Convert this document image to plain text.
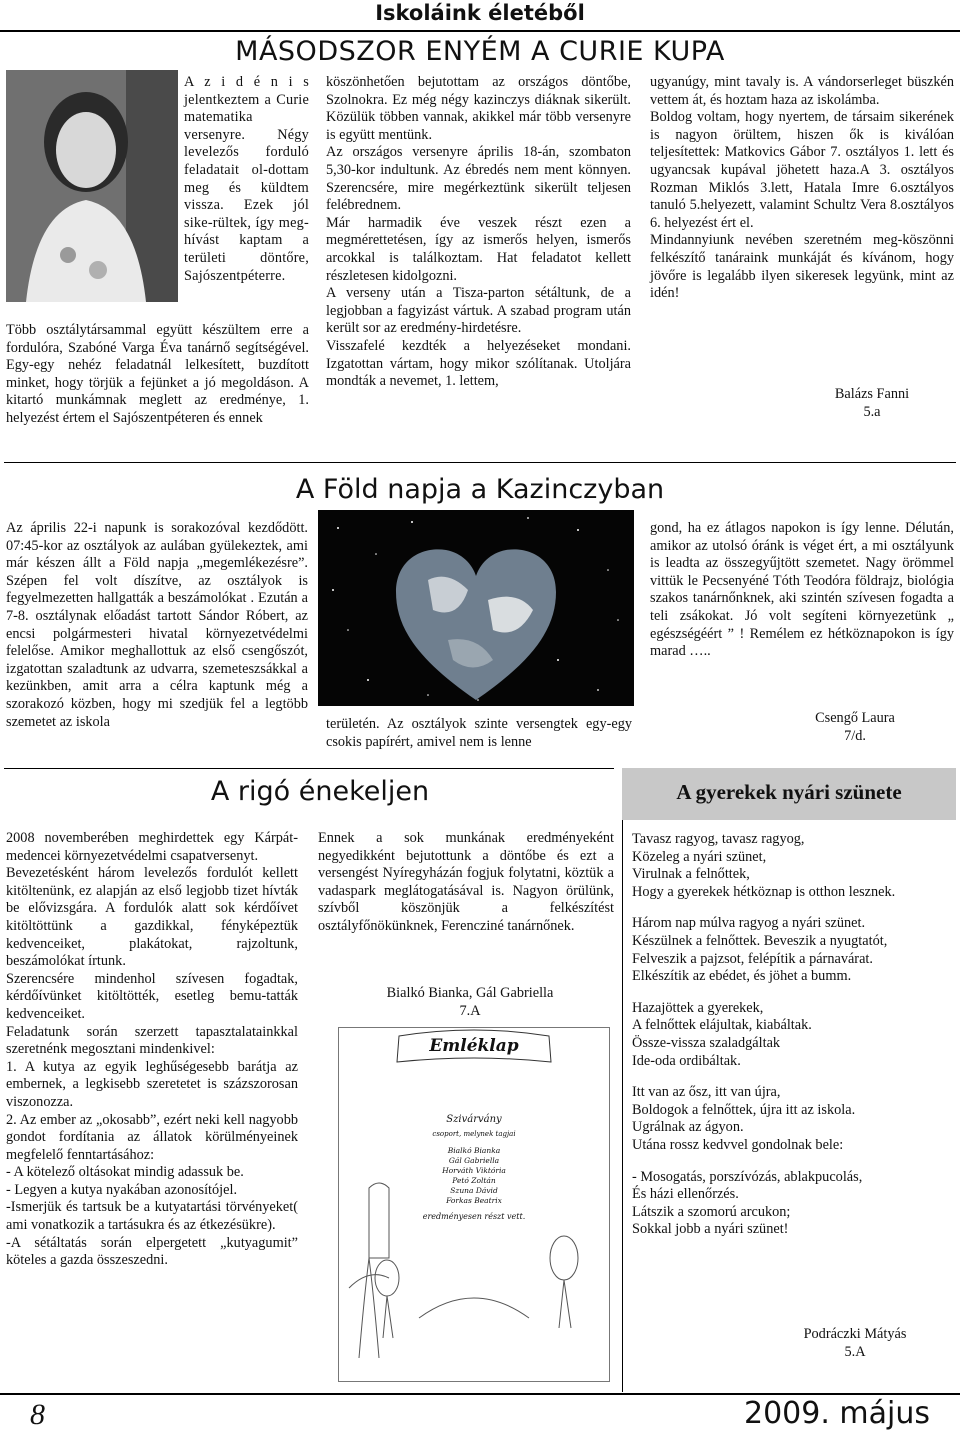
Iskoláink életéből
MÁSODSZOR ENYÉM A CURIE KUPA
A z i d é n i s jelentkeztem a Curie matematika versenyre. Négy levelezős forduló feladatait ol-dottam meg és küldtem vissza. Ezek jól sike-rültek, így meg-hívást kaptam a területi döntőre, Sajószentpéterre.
Több osztálytársammal együtt készültem erre a fordulóra, Szabóné Varga Éva tanárnő segítségével. Egy-egy nehéz feladatnál lelkesített, buzdított minket, hogy törjük a fejünket a jó megoldáson. A kitartó munkámnak meglett az eredménye, 1. helyezést értem el Sajószentpéteren és ennek

köszönhetően bejutottam az országos döntőbe, Szolnokra. Ez még négy kazinczys diáknak sikerült. Közülük többen vannak, akikkel már több versenyre is együtt mentünk.

Az országos versenyre április 18-án, szombaton 5,30-kor indultunk. Az ébredés nem ment könnyen. Szerencsére, mire megérkeztünk sikerült teljesen felébrednem.

Már harmadik éve veszek részt ezen a megmérettetésen, így az ismerős helyen, ismerős arcokkal is találkoztam. Hat feladatot kellett részletesen kidolgozni.

A verseny után a Tisza-parton sétáltunk, de a legjobban a fagyizást vártuk. A szabad program után került sor az eredmény-hirdetésre.

Visszafelé kezdték a helyezéseket mondani. Izgatottan vártam, hogy mikor szólítanak. Utoljára mondták a nevemet, 1. lettem,

ugyanúgy, mint tavaly is. A vándorserleget büszkén vettem át, és hoztam haza az iskolámba.

Boldog voltam, hogy nyertem, de társaim sikerének is nagyon örültem, hiszen ők is kiválóan teljesítettek: Matkovics Gábor 7. osztályos 1. lett és ugyancsak kupával jöhetett haza.A 3. osztályos Rozman Miklós 3.lett, Hatala Imre 6.osztályos tanuló 5.helyezett, valamint Schultz Vera 8.osztályos 6. helyezést ért el.

Mindannyiunk nevében szeretném meg-köszönni felkészítő tanáraink munkáját és kívánom, hogy jövőre is legalább ilyen sikeresek legyünk, mint az idén!

Balázs Fanni

5.a

A Föld napja a Kazinczyban
Az április 22-i napunk is sorakozóval kezdődött. 07:45-kor az osztályok az aulában gyülekeztek, ami már készen állt a Föld napja „megemlékezésre”. Szépen fel volt díszítve, az osztályok is fegyelmezetten hallgatták a beszámolókat . Ezután a 7-8. osztálynak előadást tartott Sándor Róbert, az encsi polgármesteri hivatal környezetvédelmi felelőse. Amikor meghallottuk az első csengőszót, izgatottan szaladtunk az udvarra, szemeteszsákkal a kezünkben, amit arra a célra kaptunk még a szorakozó közben, hogy mi szedjük fel a legtöbb szemetet az iskola	területén. Az osztályok szinte versengtek egy-egy csokis papírért, amivel nem is lenne
gond, ha ez átlagos napokon is így lenne. Délután, amikor az utolsó óránk is véget ért, a mi osztályunk is leadta az összegyűjtött szemetet. Nagy örömmel vittük le Pecsenyéné Tóth Teodóra földrajz, biológia szakos tanárnőnknek, aki szintén szívesen fogadta a teli zsákokat. Jó volt segíteni környezetünk „ egészségéért ” ! Remélem ez hétköznapokon is így marad …..

Csengő Laura

7/d.

A rigó énekeljen

2008 novemberében meghirdettek egy Kárpát-medencei környezetvédelmi csapatversenyt.

Bevezetésként három levelezős fordulót kellett kitöltenünk, ez alapján az első legjobb tizet hívták be elővizsgára. A fordulók alatt sok kérdőívet kitöltöttünk a gazdikkal, fényképeztük kedvenceiket, plakátokat, rajzoltunk, beszámolókat írtunk.

Szerencsére mindenhol szívesen fogadtak, kérdőívünket kitöltötték, esetleg bemu-tatták kedvenceiket.

Feladatunk során szerzett tapasztalatainkkal szeretnénk megosztani mindenkivel:

1. A kutya az egyik leghűségesebb barátja az embernek, a legkisebb szeretetet is százszorosan viszonozza.

2. Az ember az „okosabb”, ezért neki kell nagyobb gondot fordítania az állatok körülményeinek megfelelő fenntartásához:

- A kötelező oltásokat mindig adassuk be.

- Legyen a kutya nyakában azonosítójel.

-Ismerjük és tartsuk be a kutyatartási törvényeket( ami vonatkozik a tartásukra és az étkezésükre).

-A sétáltatás során elpergetett „kutyagumit” köteles a gazda összeszedni.

Ennek a sok munkának eredményeként negyedikként bejutottunk a döntőbe és ezt a versengést Nyíregyházán fogjuk folytatni, köztük a vadaspark meglátogatásával is. Nagyon örülünk, szívből köszönjük a felkészítést osztályfőnökünknek, Ferencziné tanárnőnek.

Bialkó Bianka, Gál Gabriella

7.A

Emléklap
Szivárvány
csoport, melynek tagjai
Bialkó Bianka
Gál Gabriella
Horváth Viktória
Petó Zoltán
Szuna Dávid
Forkas Beatrix
eredményesen részt vett.
A gyerekek nyári szünete

Tavasz ragyog, tavasz ragyog,

Közeleg a nyári szünet,

Virulnak a felnőttek,

Hogy a gyerekek hétköznap is otthon lesznek.

Három nap múlva ragyog a nyári szünet.

Készülnek a felnőttek. Beveszik a nyugtatót,

Felveszik a pajzsot, felépítik a párnavárat.

Elkészítik az ebédet, és jöhet a bumm.

Hazajöttek a gyerekek,

A felnőttek elájultak, kiabáltak.

Össze-vissza szaladgáltak

Ide-oda ordibáltak.

Itt van az ősz, itt van újra,

Boldogok a felnőttek, újra itt az iskola.

Ugrálnak az ágyon.

Utána rossz kedvvel gondolnak bele:

- Mosogatás, porszívózás, ablakpucolás,

És házi ellenőrzés.

Látszik a szomorú arcukon;

Sokkal jobb a nyári szünet!

Podráczki Mátyás

5.A

8	2009. május
